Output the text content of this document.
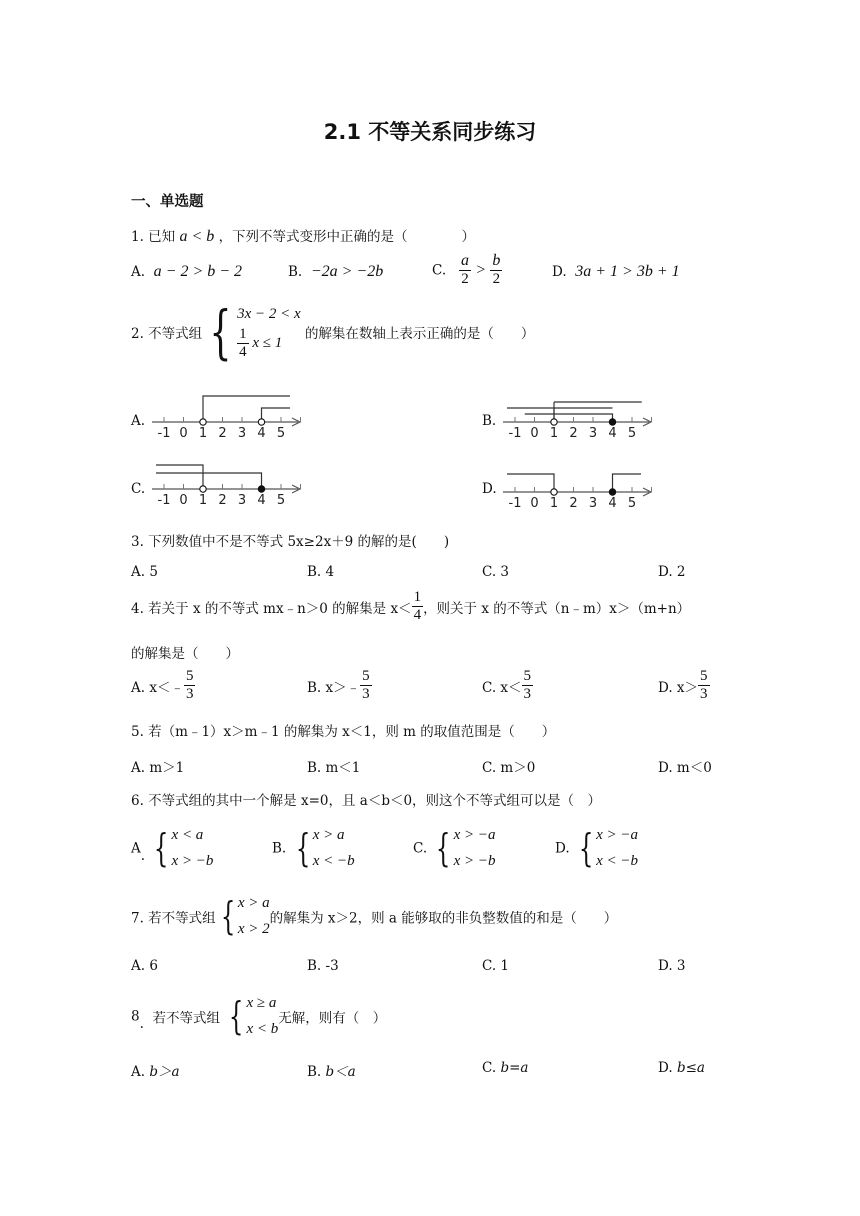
2.1 不等关系同步练习
一、单选题
1. 已知 a < b ，下列不等式变形中正确的是（　　　　）
A. a − 2 > b − 2	B. −2a > −2b	C. $\frac{a}{2} > \frac{b}{2}$	D. 3a + 1 > 3b + 1
2. 不等式组 { 3x − 2 < x
$\frac{1}{4}$ x ≤ 1
的解集在数轴上表示正确的是（　　）
A.	B.
C.	D.
-1 0 1 2 3 4 5	-1 0 1 2 3 4 5
-1 0 1 2 3 4 5	-1 0 1 2 3 4 5
3. 下列数值中不是不等式 5x≥2x＋9 的解的是(　　)
A. 5	B. 4	C. 3	D. 2
4. 若关于 x 的不等式 mx﹣n＞0 的解集是 $x< \frac{1}{4}$ ，则关于 x 的不等式（n﹣m）x＞（m+n）
的解集是（　　）
A. x＜﹣ $\frac{5}{3}$	B. x＞﹣ $\frac{5}{3}$	C. $x< \frac{5}{3}$	D. $x> \frac{5}{3}$
5. 若（m﹣1）x＞m﹣1 的解集为 x＜1，则 m 的取值范围是（　　）
A. m＞1	B. m＜1	C. m＞0	D. m＜0
6. 不等式组的其中一个解是 x=0，且 a＜b＜0，则这个不等式组可以是（　）
A. { x < a
x > −b
B. { x > a
x < −b
C. { x > −a
x > −b
D. { x > −a
x < −b
7. 若不等式组 { x > a
x > 2
的解集为 x＞2，则 a 能够取的非负整数值的和是（　　）
A. 6	B. -3	C. 1	D. 3
8. 若不等式组 { x ≥ a
x < b
无解，则有（　）
A. b＞a	B. b＜a	C. b=a	D. b≤a
